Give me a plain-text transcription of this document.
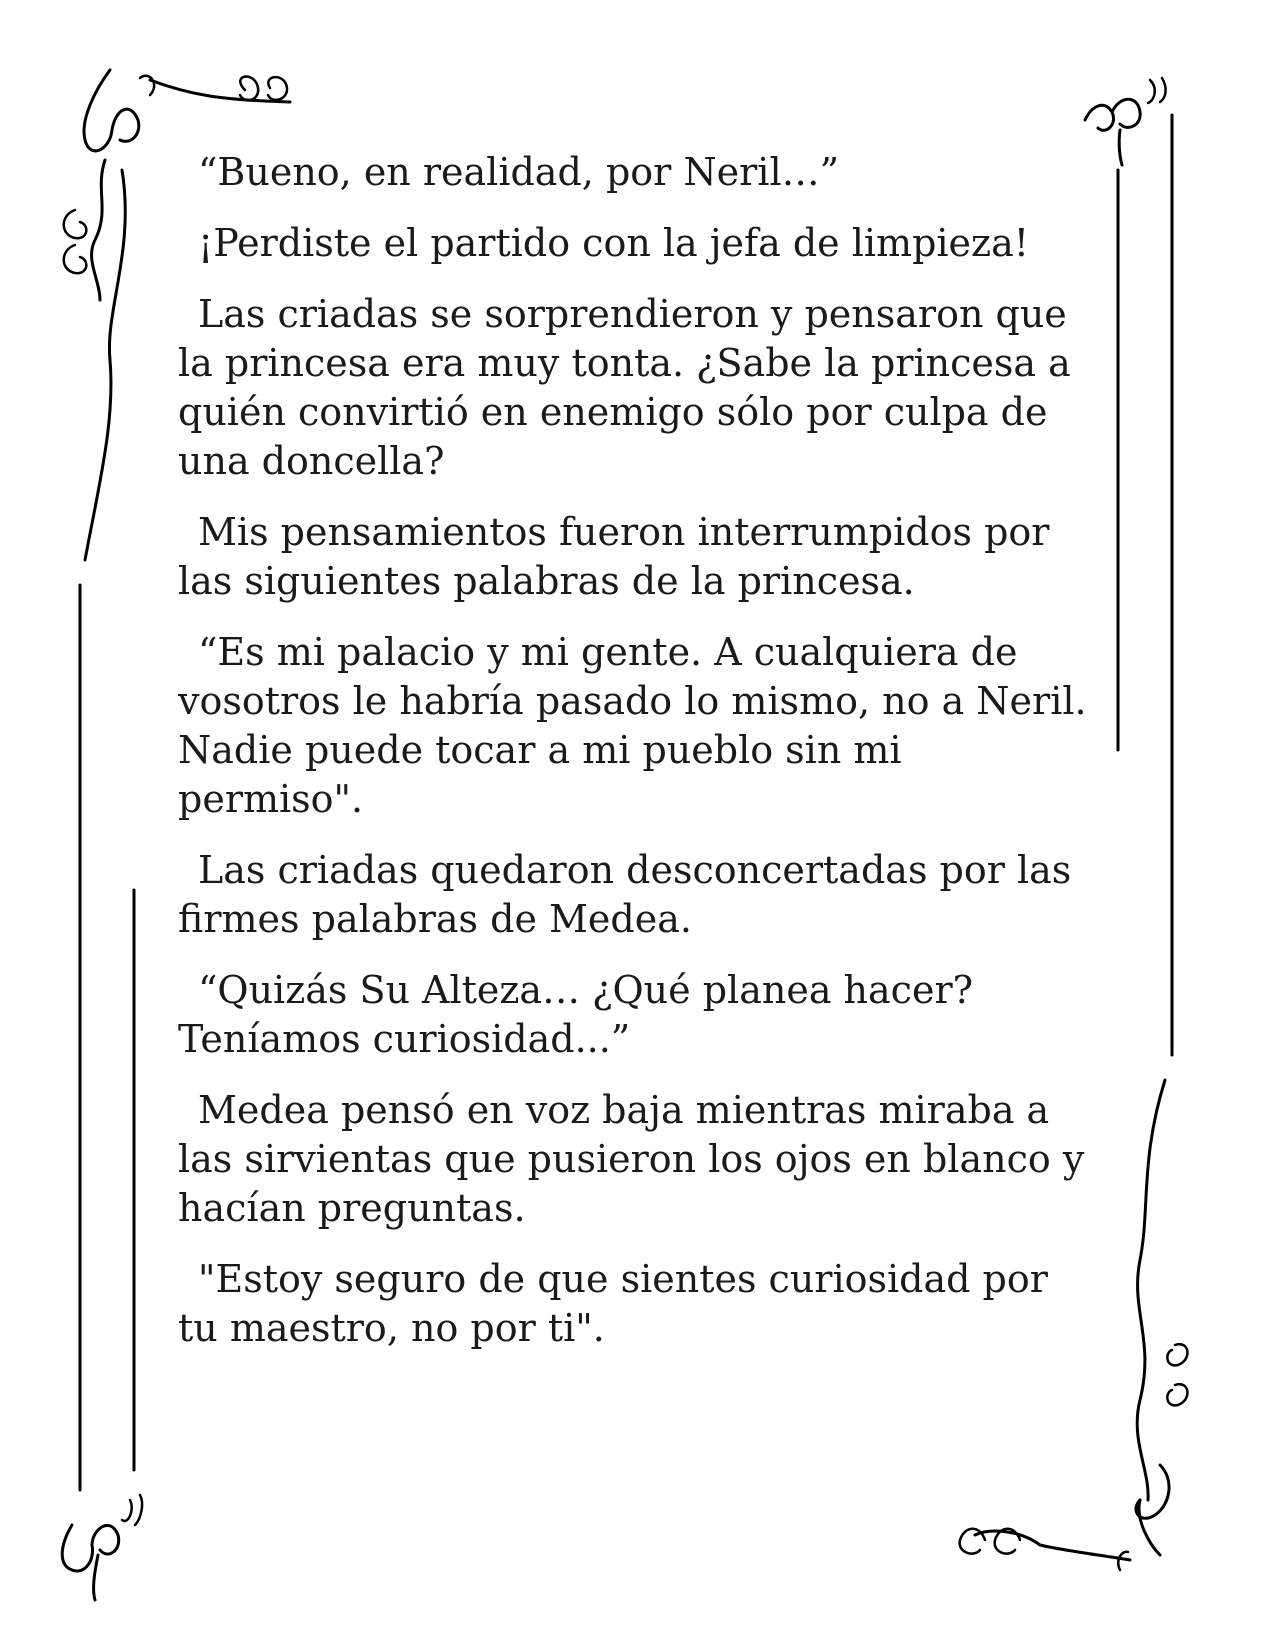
“Bueno, en realidad, por Neril…”

¡Perdiste el partido con la jefa de limpieza!

Las criadas se sorprendieron y pensaron que la princesa era muy tonta. ¿Sabe la princesa a quién convirtió en enemigo sólo por culpa de una doncella?

Mis pensamientos fueron interrumpidos por las siguientes palabras de la princesa.

“Es mi palacio y mi gente. A cualquiera de vosotros le habría pasado lo mismo, no a Neril. Nadie puede tocar a mi pueblo sin mi permiso".

Las criadas quedaron desconcertadas por las firmes palabras de Medea.

“Quizás Su Alteza… ¿Qué planea hacer? Teníamos curiosidad...”

Medea pensó en voz baja mientras miraba a las sirvientas que pusieron los ojos en blanco y hacían preguntas.

"Estoy seguro de que sientes curiosidad por tu maestro, no por ti".
